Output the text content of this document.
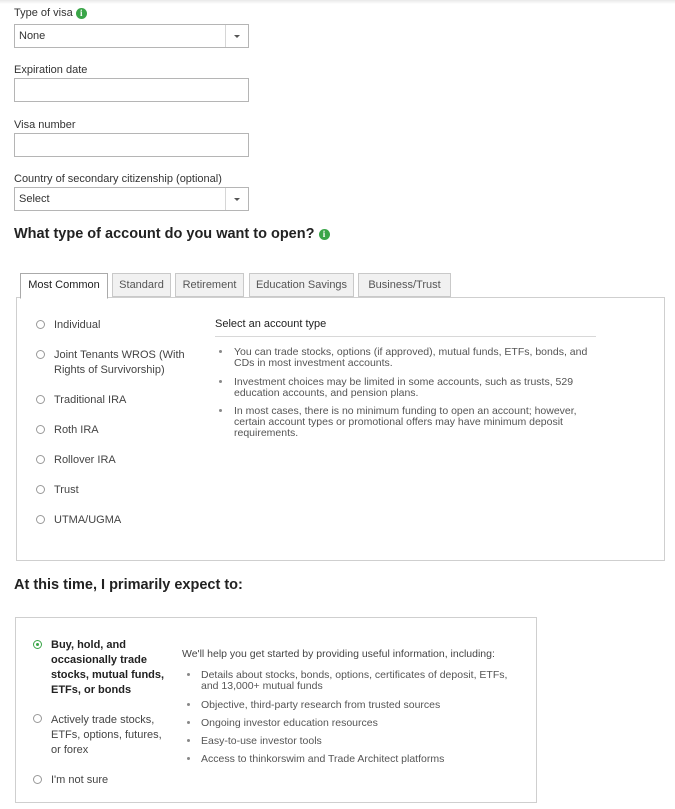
Type of visa i
None
Expiration date
Visa number
Country of secondary citizenship (optional)
Select
What type of account do you want to open? i
Most Common	Standard	Retirement	Education Savings	Business/Trust
Individual
Joint Tenants WROS (With Rights of Survivorship)
Traditional IRA
Roth IRA
Rollover IRA
Trust
UTMA/UGMA
Select an account type
You can trade stocks, options (if approved), mutual funds, ETFs, bonds, and CDs in most investment accounts.
Investment choices may be limited in some accounts, such as trusts, 529 education accounts, and pension plans.
In most cases, there is no minimum funding to open an account; however, certain account types or promotional offers may have minimum deposit requirements.
At this time, I primarily expect to:
Buy, hold, and occasionally trade stocks, mutual funds, ETFs, or bonds
Actively trade stocks, ETFs, options, futures, or forex
I'm not sure
We'll help you get started by providing useful information, including:
Details about stocks, bonds, options, certificates of deposit, ETFs, and 13,000+ mutual funds
Objective, third-party research from trusted sources
Ongoing investor education resources
Easy-to-use investor tools
Access to thinkorswim and Trade Architect platforms
